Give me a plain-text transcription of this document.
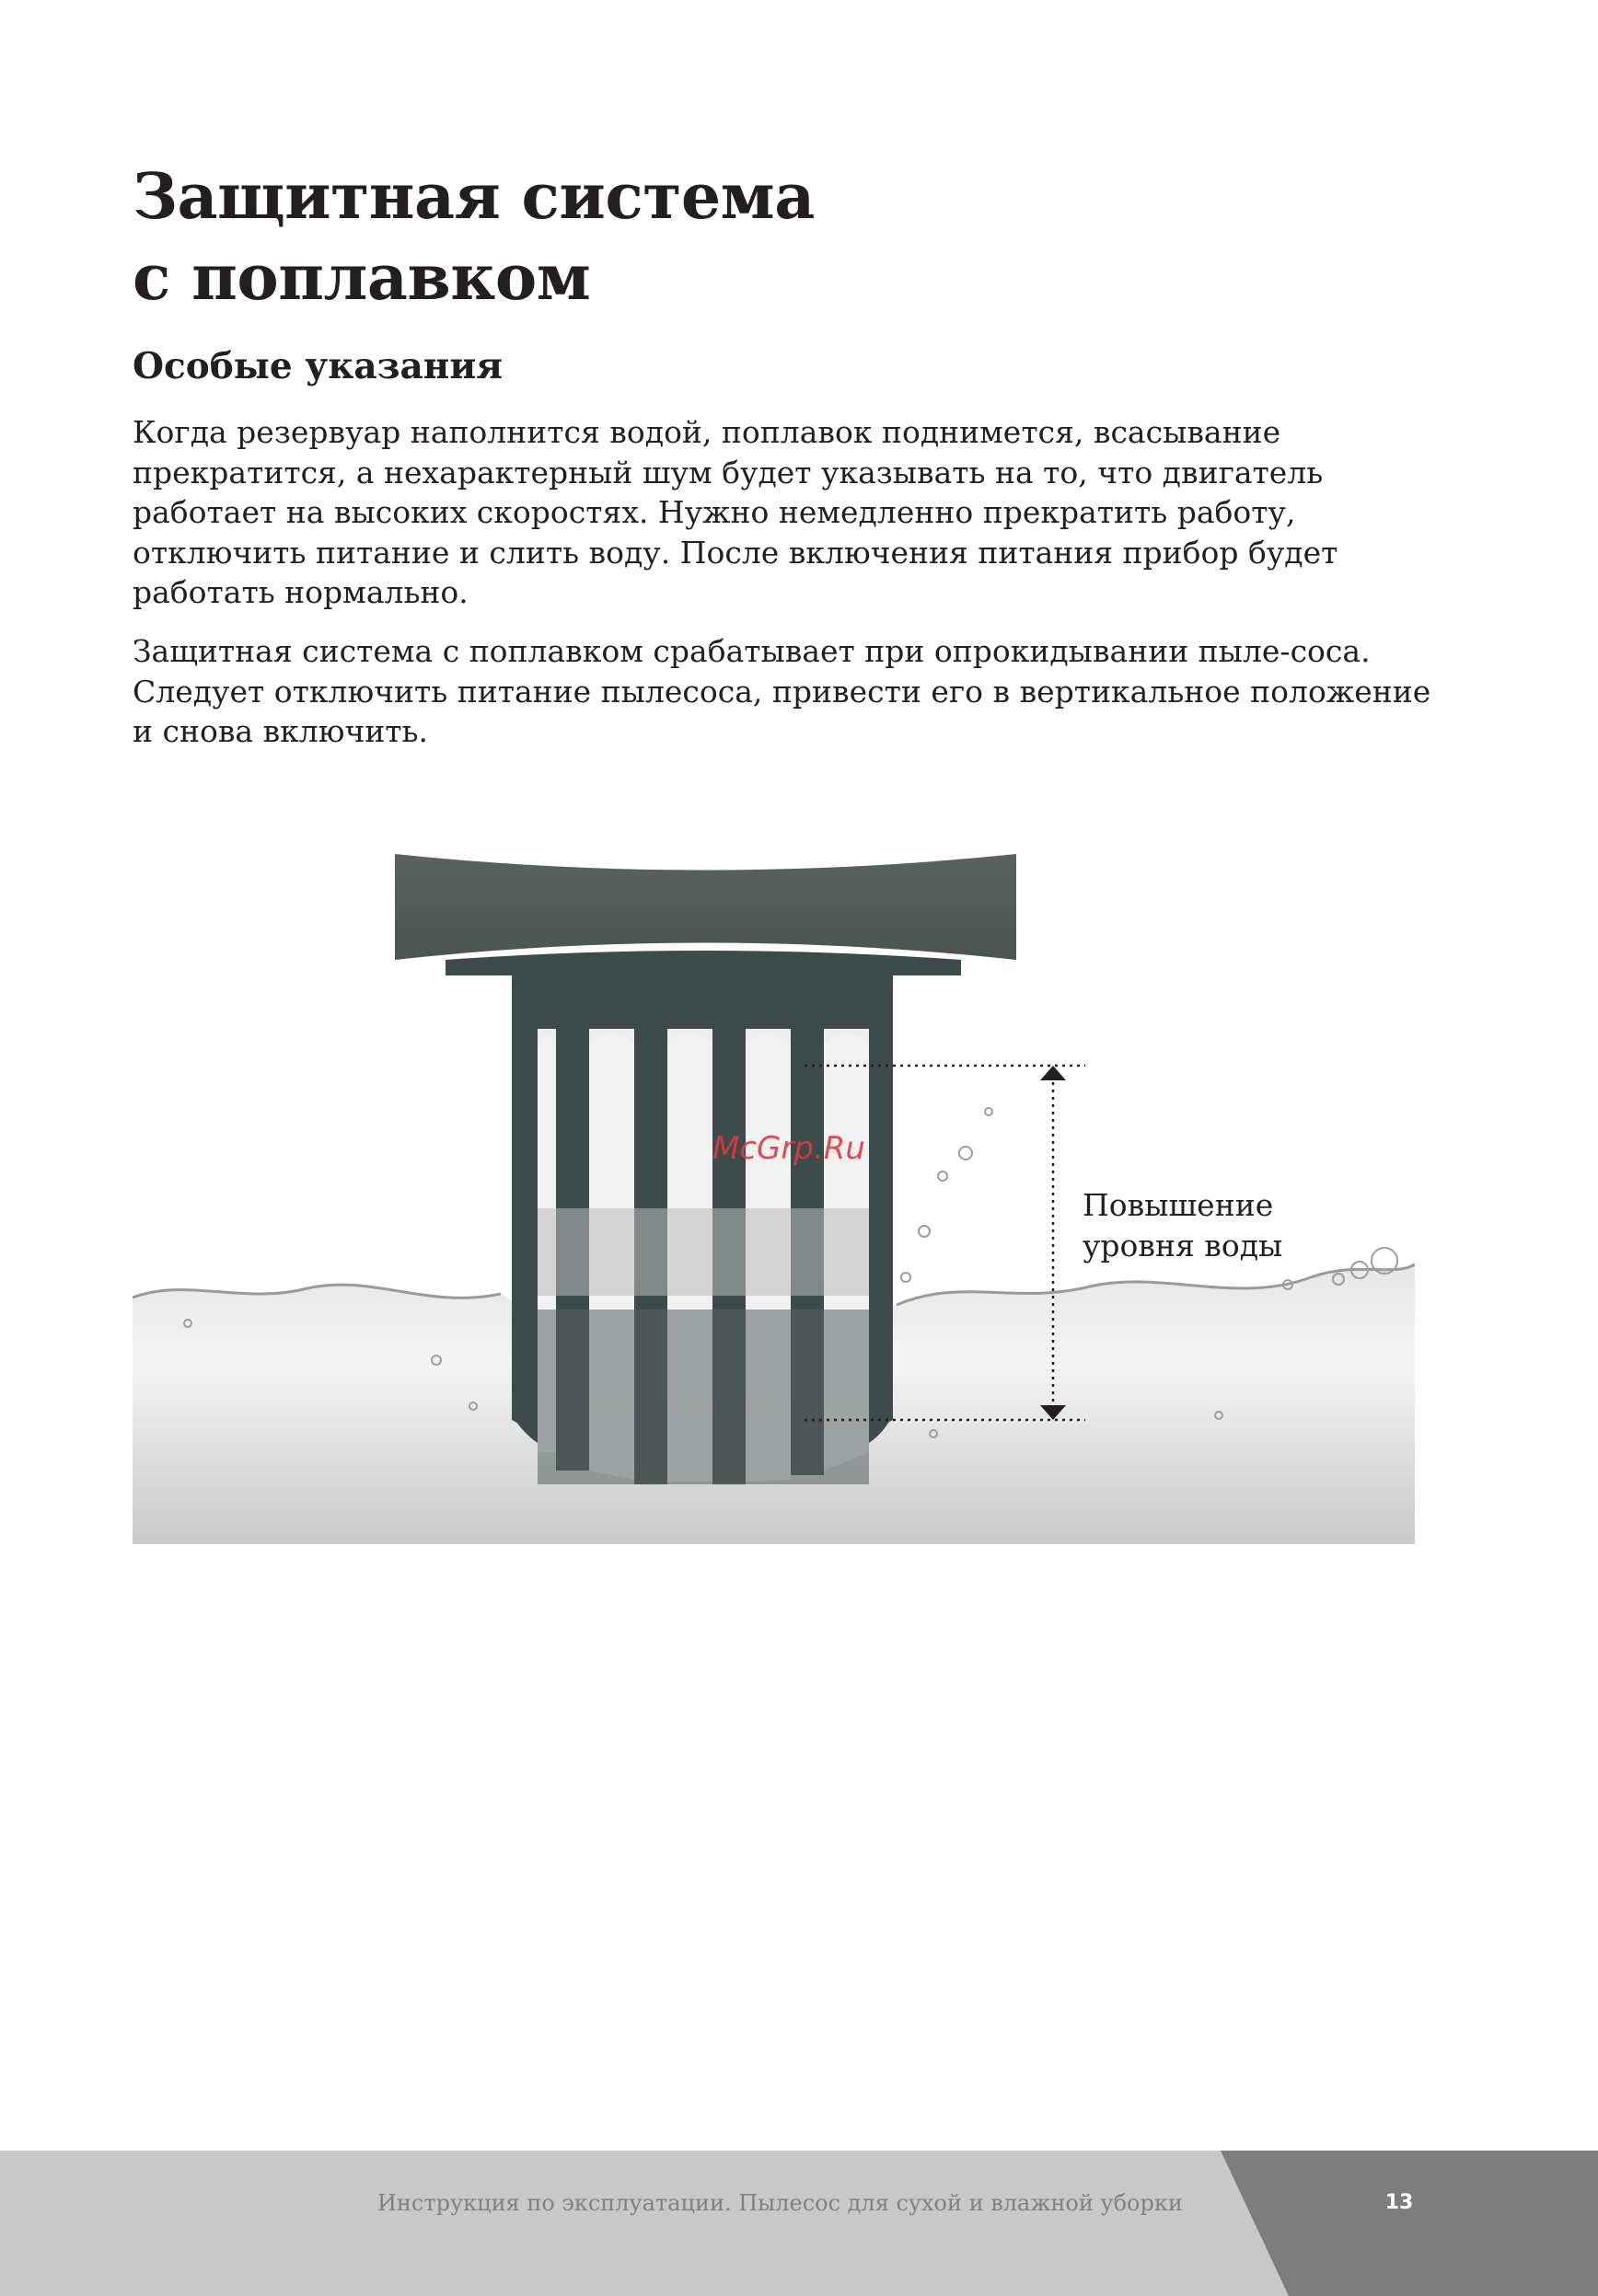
Защитная система
с поплавком
Особые указания

Когда резервуар наполнится водой, поплавок поднимется, всасывание прекратится, а нехарактерный шум будет указывать на то, что двигатель работает на высоких скоростях. Нужно немедленно прекратить работу, отключить питание и слить воду. После включения питания прибор будет работать нормально.

Защитная система с поплавком срабатывает при опрокидывании пыле-соса. Следует отключить питание пылесоса, привести его в вертикальное положение и снова включить.

Повышение
уровня воды

McGrp.Ru
Инструкция по эксплуатации. Пылесос для сухой и влажной уборки	13
